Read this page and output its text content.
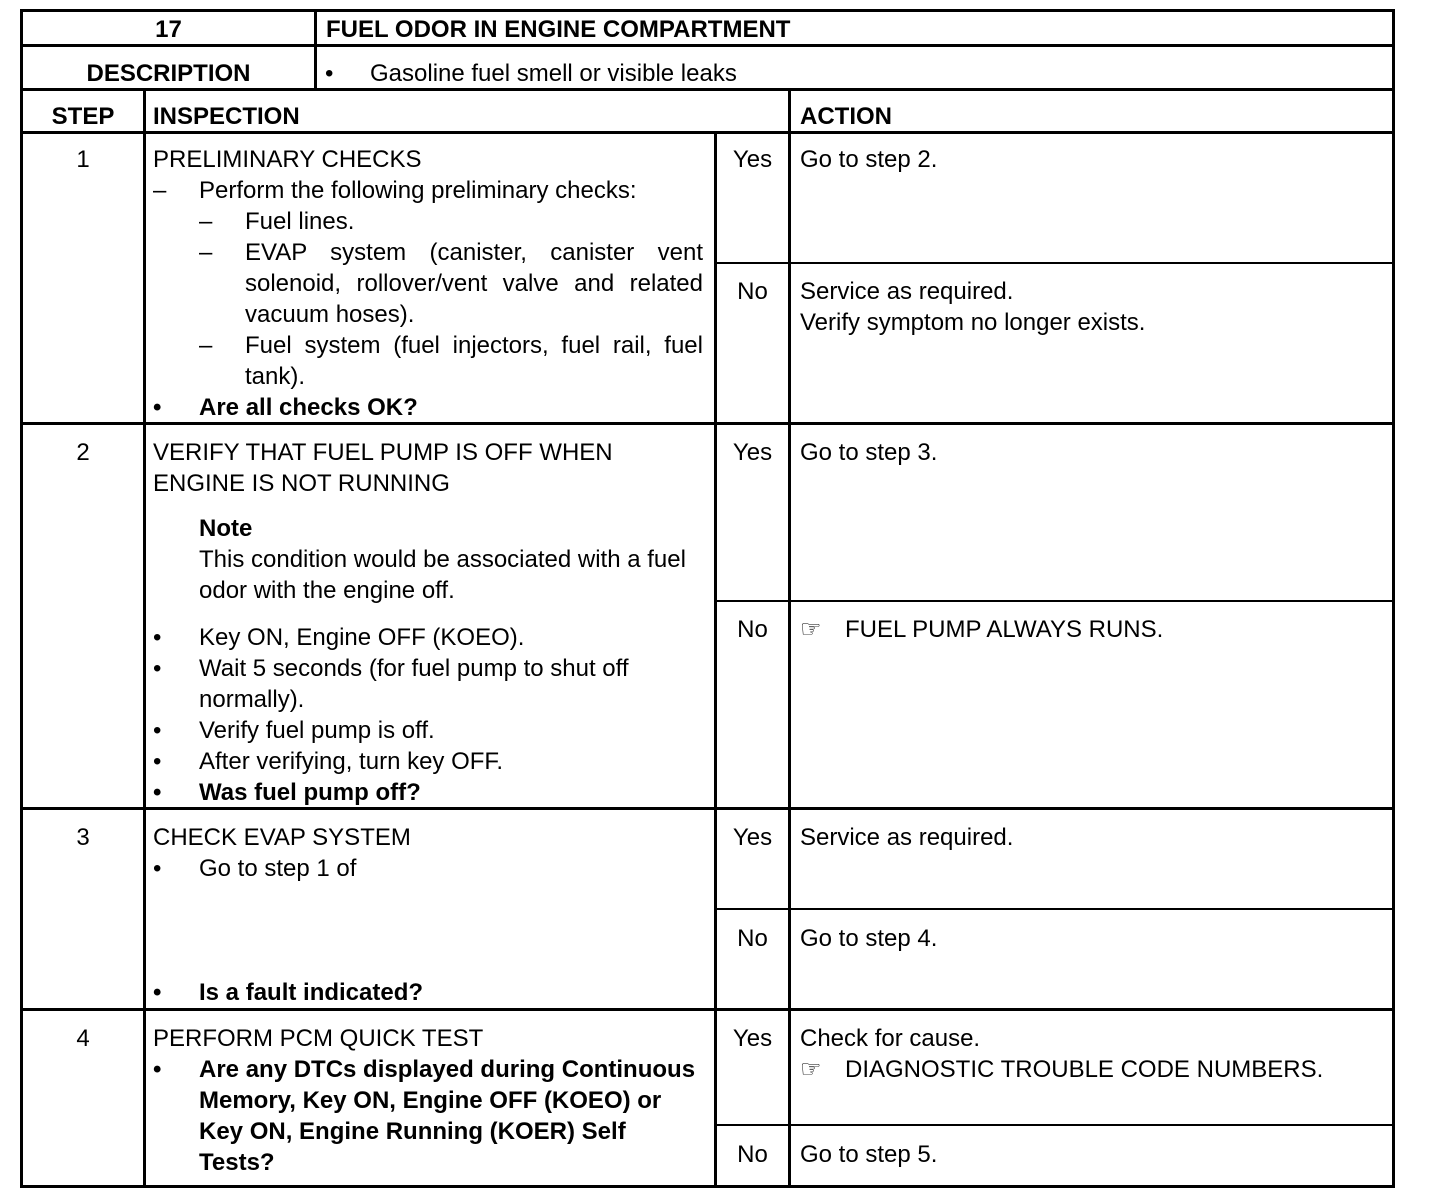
17	FUEL ODOR IN ENGINE COMPARTMENT
DESCRIPTION	• Gasoline fuel smell or visible leaks
STEP	INSPECTION	ACTION
1	PRELIMINARY CHECKS
–	Perform the following preliminary checks:
–	Fuel lines.
–	EVAP system (canister, canister vent solenoid, rollover/vent valve and related vacuum hoses).
–	Fuel system (fuel injectors, fuel rail, fuel tank).
•	Are all checks OK?
Yes	Go to step 2.
No	Service as required.
Verify symptom no longer exists.
2	VERIFY THAT FUEL PUMP IS OFF WHEN ENGINE IS NOT RUNNING
Note
This condition would be associated with a fuel odor with the engine off.
•	Key ON, Engine OFF (KOEO).
•	Wait 5 seconds (for fuel pump to shut off normally).
•	Verify fuel pump is off.
•	After verifying, turn key OFF.
•	Was fuel pump off?
Yes	Go to step 3.
No	☞ FUEL PUMP ALWAYS RUNS.
3	CHECK EVAP SYSTEM
•	Go to step 1 of
•	Is a fault indicated?
Yes	Service as required.
No	Go to step 4.
4	PERFORM PCM QUICK TEST
•	Are any DTCs displayed during Continuous Memory, Key ON, Engine OFF (KOEO) or Key ON, Engine Running (KOER) Self Tests?
Yes	Check for cause.
☞ DIAGNOSTIC TROUBLE CODE NUMBERS.
No	Go to step 5.
